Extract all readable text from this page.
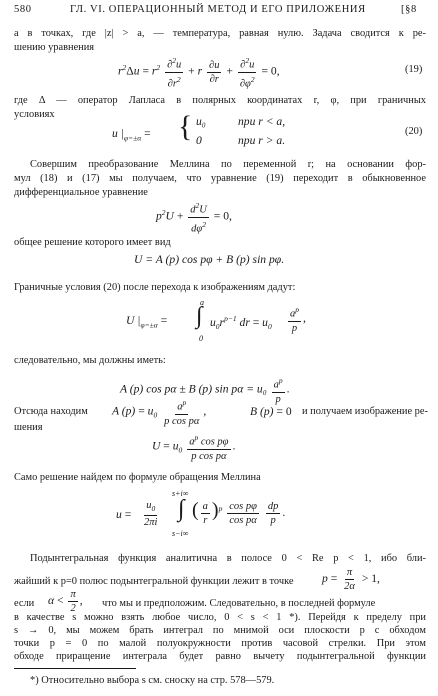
580	ГЛ. VI. ОПЕРАЦИОННЫЙ МЕТОД И ЕГО ПРИЛОЖЕНИЯ	[§8
а в точках, где |z| > a, — температура, равная нулю. Задача сводится к ре-
шению уравнения
$r^2\Delta u = r^2 \frac{\partial^2u}{\partial r^2} + r \frac{\partial u}{\partial r} + \frac{\partial^2u}{\partial\varphi^2} = 0$,	(19)
где Δ — оператор Лапласа в полярных координатах r, φ, при граничных
условиях
u $|_{\varphi=\pm\alpha}$ = { u₀	при r < a,
0	при r > a.
(20)
Совершим преобразование Меллина по переменной r; на основании фор-
мул (18) и (17) мы получаем, что уравнение (19) переходит в обыкновенное
дифференциальное уравнение
$p^2U + \frac{d^2U}{d\varphi^2} = 0$,
общее решение которого имеет вид
U = A (p) cos pφ + B (p) sin pφ.
Граничные условия (20) после перехода к изображениям дадут:
U $|_{\varphi=\pm\alpha}$ =
a
∫
0
$u_0r^{p-1}$ dr = $u_0 \frac{a^p}{p}$ ,
следовательно, мы должны иметь:
A (p) cos pα ± B (p) $\sin p\alpha = u_0 \frac{a^p}{p}$ .
Отсюда находим A $(p) = u_0 \frac{a^p}{\text{p cos pα}}$ ,	B (p) = 0 и получаем изображение ре-
шения
$U = u_0 \frac{a^p \cos p\varphi}{\text{p cos pα}}$ .
Само решение найдем по формуле обращения Меллина
$u = \frac{u_0}{2\pi i}$
s+i∞
∫
s−i∞
( $\frac{a}{r} )^p \frac{\text{cos pφ}}{\text{cos pα}}$
$\frac{dp}{p}$ .
Подынтегральная функция аналитична в полосе 0 < Re p < 1, ибо бли-
жайший к p=0 полюс подынтегральной функции лежит в точке $p = \frac{\pi}{2\alpha} > 1$,
если $\alpha < \frac{\pi}{2}$ , что мы и предположим. Следовательно, в последней формуле
в качестве s можно взять любое число, 0 < s < 1 *). Перейдя к пределу при
s → 0, мы можем брать интеграл по мнимой оси плоскости p с обходом
точки p = 0 по малой полуокружности против часовой стрелки. При этом
обходе приращение интеграла будет равно вычету подынтегральной функции
*) Относительно выбора s см. сноску на стр. 578—579.
